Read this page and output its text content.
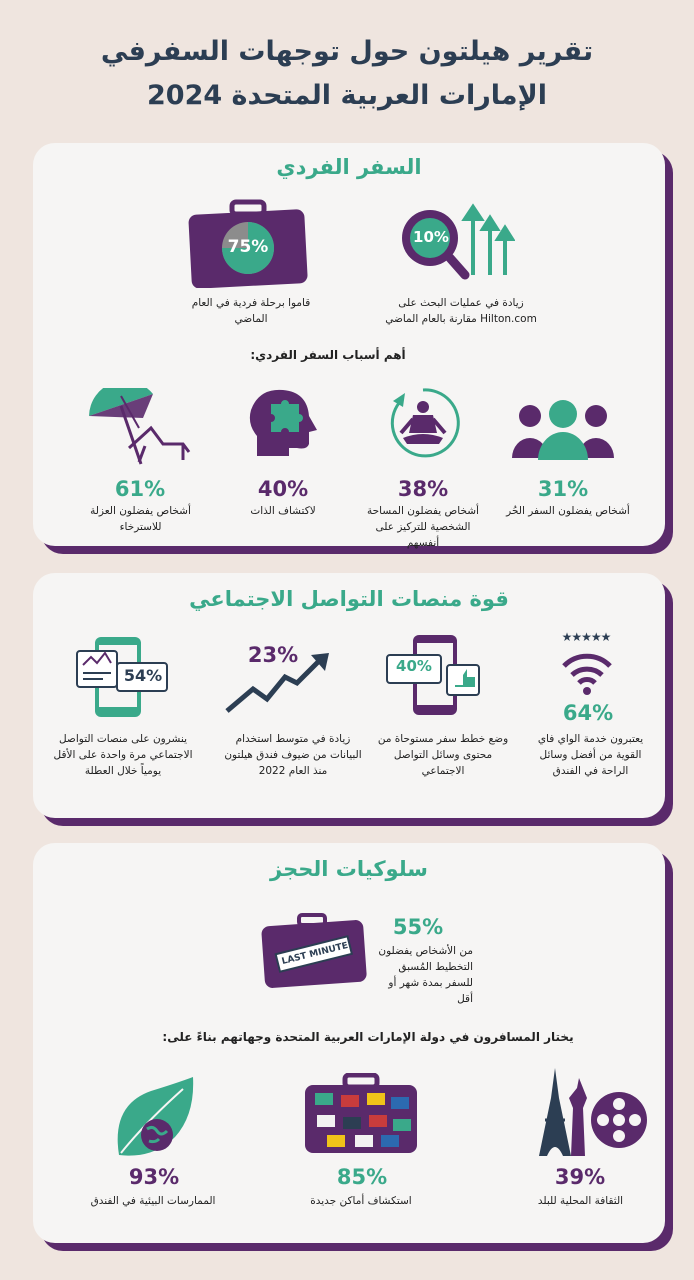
تقرير هيلتون حول توجهات السفرفي
الإمارات العربية المتحدة 2024
السفر الفردي
10%
زيادة في عمليات البحث على Hilton.com مقارنة بالعام الماضي
75%
قاموا برحلة فردية في العام الماضي
أهم أسباب السفر الفردي:
31%
أشخاص يفضلون السفر الحُر
38%
أشخاص يفضلون المساحة الشخصية للتركيز على أنفسهم
40%
لاكتشاف الذات
61%
أشخاص يفضلون العزلة للاسترخاء
قوة منصات التواصل الاجتماعي
★★★★★
64%
يعتبرون خدمة الواي فاي القوية من أفضل وسائل الراحة في الفندق
40%
وضع خطط سفر مستوحاة من محتوى وسائل التواصل الاجتماعي
23%
زيادة في متوسط استخدام البيانات من ضيوف فندق هيلتون منذ العام 2022
54%
ينشرون على منصات التواصل الاجتماعي مرة واحدة على الأقل يومياً خلال العطلة
سلوكيات الحجز
LAST MINUTE
55%
من الأشخاص يفضلون التخطيط المُسبق للسفر بمدة شهر أو أقل
يختار المسافرون في دولة الإمارات العربية المتحدة وجهاتهم بناءً على:
39%
الثقافة المحلية للبلد
85%
استكشاف أماكن جديدة
93%
الممارسات البيئية في الفندق
